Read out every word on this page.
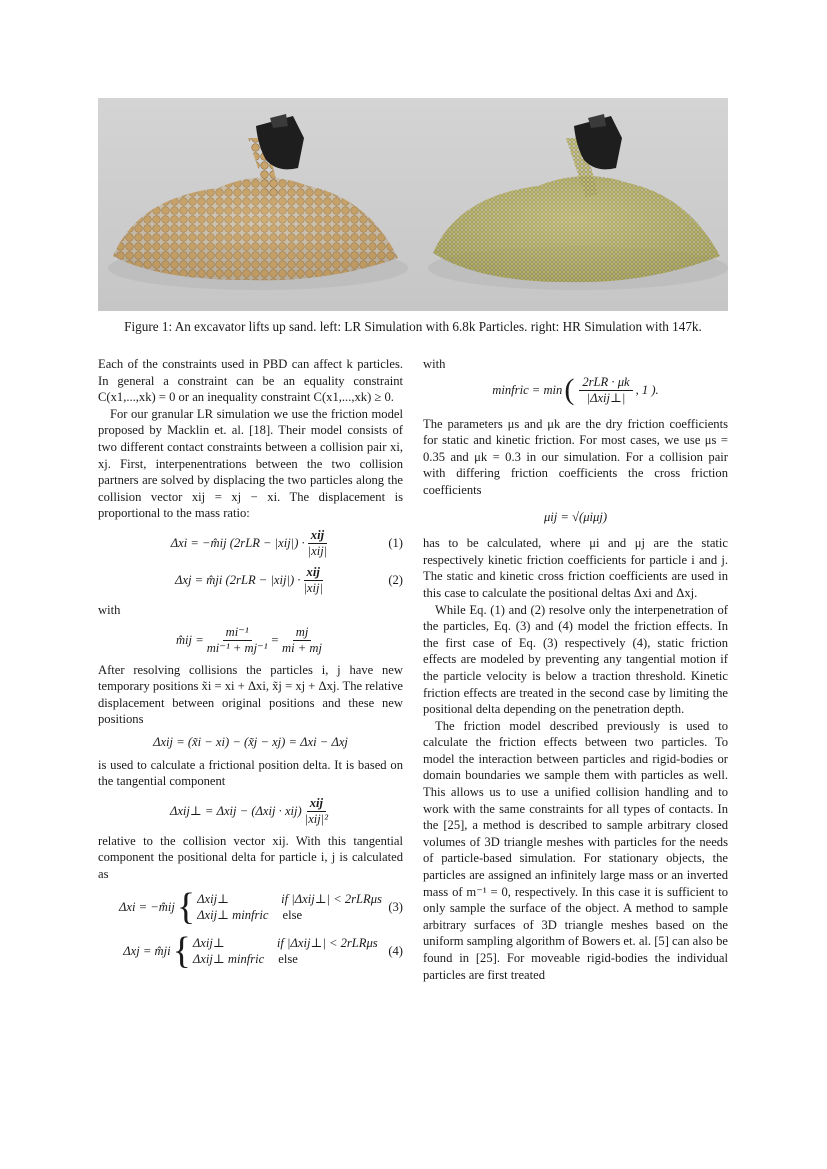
Figure 1: An excavator lifts up sand. left: LR Simulation with 6.8k Particles. right: HR Simulation with 147k.

Each of the constraints used in PBD can affect k particles. In general a constraint can be an equality constraint C(x1,...,xk) = 0 or an inequality constraint C(x1,...,xk) ≥ 0.

For our granular LR simulation we use the friction model proposed by Macklin et. al. [18]. Their model consists of two different contact constraints between a collision pair xi, xj. First, interpenentrations between the two collision partners are solved by displacing the two particles along the collision vector xij = xj − xi. The displacement is proportional to the mass ratio:

Δxi = −m̂ij $(2rLR - |xij|) \cdot \frac{\text{xij}}{\text{|xij|}}$	(1)
Δxj = m̂ji $(2rLR - |xij|) \cdot \frac{\text{xij}}{\text{|xij|}}$	(2)

with

m̂ij = $\frac{\text{mi⁻¹}}{\text{mi⁻¹ + mj⁻¹}} = \frac{mj}{mi + mj}$

After resolving collisions the particles i, j have new temporary positions x̃i = xi + Δxi, x̃j = xj + Δxj. The relative displacement between original positions and these new positions

Δxij = (x̃i − xi) − (x̃j − xj) = Δxi − Δxj

is used to calculate a frictional position delta. It is based on the tangential component

Δxij⊥ = $\Delta xij - (\Delta xij \cdot xij) \frac{\text{xij}}{\text{|xij|²}}$

relative to the collision vector xij. With this tangential component the positional delta for particle i, j is calculated as

Δxi = −m̂ij { Δxij⊥	if |Δxij⊥| < 2rLRμs
Δxij⊥ minfric else
(3)
Δxj = m̂ji { Δxij⊥	if |Δxij⊥| < 2rLRμs
Δxij⊥ minfric else
(4)

with

minfric = min ( $\frac{\text{2rLR · μk}}{\text{|Δxij⊥|}}$ , 1 ).

The parameters μs and μk are the dry friction coefficients for static and kinetic friction. For most cases, we use μs = 0.35 and μk = 0.3 in our simulation. For a collision pair with differing friction coefficients the cross friction coefficients

μij = √(μiμj)

has to be calculated, where μi and μj are the static respectively kinetic friction coefficients for particle i and j. The static and kinetic cross friction coefficients are used in this case to calculate the positional deltas Δxi and Δxj.

While Eq. (1) and (2) resolve only the interpenetration of the particles, Eq. (3) and (4) model the friction effects. In the first case of Eq. (3) respectively (4), static friction effects are modeled by preventing any tangential motion if the particle velocity is below a traction threshold. Kinetic friction effects are treated in the second case by limiting the positional delta depending on the penetration depth.

The friction model described previously is used to calculate the friction effects between two particles. To model the interaction between particles and rigid-bodies or domain boundaries we sample them with particles as well. This allows us to use a unified collision handling and to work with the same constraints for all types of contacts. In the [25], a method is described to sample arbitrary closed volumes of 3D triangle meshes with particles for the needs of particle-based simulation. For stationary objects, the particles are assigned an infinitely large mass or an inverted mass of m⁻¹ = 0, respectively. In this case it is sufficient to only sample the surface of the object. A method to sample arbitrary surfaces of 3D triangle meshes based on the uniform sampling algorithm of Bowers et. al. [5] can also be found in [25]. For moveable rigid-bodies the individual particles are first treated
